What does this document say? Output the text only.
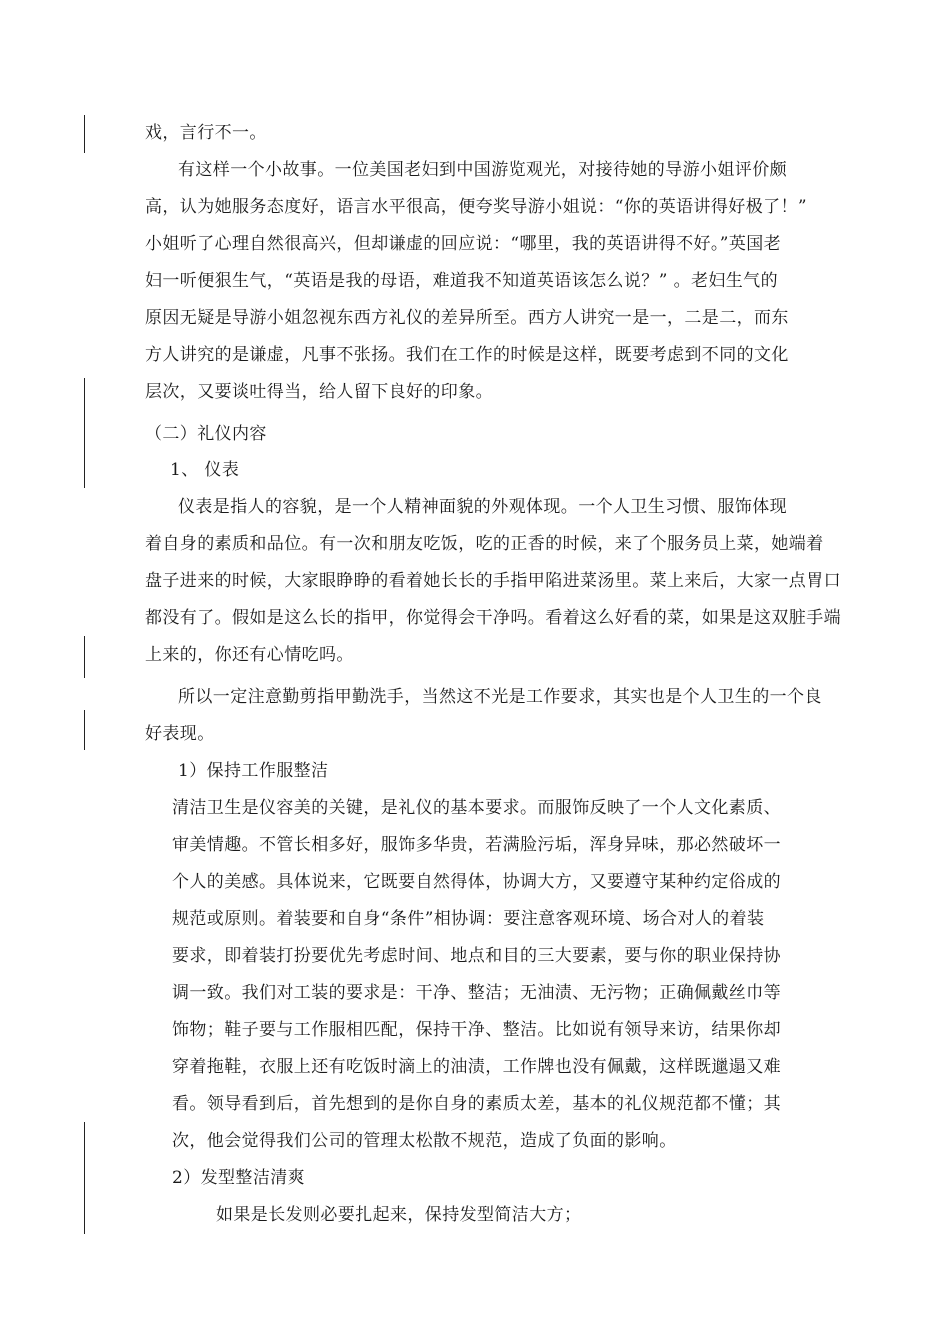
戏，言行不一。
有这样一个小故事。一位美国老妇到中国游览观光，对接待她的导游小姐评价颇
高，认为她服务态度好，语言水平很高，便夸奖导游小姐说：“你的英语讲得好极了！”
小姐听了心理自然很高兴，但却谦虚的回应说：“哪里，我的英语讲得不好。”英国老
妇一听便狠生气，“英语是我的母语，难道我不知道英语该怎么说？” 。老妇生气的
原因无疑是导游小姐忽视东西方礼仪的差异所至。西方人讲究一是一，二是二，而东
方人讲究的是谦虚，凡事不张扬。我们在工作的时候是这样，既要考虑到不同的文化
层次，又要谈吐得当，给人留下良好的印象。
（二）礼仪内容
1、 仪表
仪表是指人的容貌，是一个人精神面貌的外观体现。一个人卫生习惯、服饰体现
着自身的素质和品位。有一次和朋友吃饭，吃的正香的时候，来了个服务员上菜，她端着
盘子进来的时候，大家眼睁睁的看着她长长的手指甲陷进菜汤里。菜上来后，大家一点胃口
都没有了。假如是这么长的指甲，你觉得会干净吗。看着这么好看的菜，如果是这双脏手端
上来的，你还有心情吃吗。
所以一定注意勤剪指甲勤洗手，当然这不光是工作要求，其实也是个人卫生的一个良
好表现。
1）保持工作服整洁
清洁卫生是仪容美的关键，是礼仪的基本要求。而服饰反映了一个人文化素质、
审美情趣。不管长相多好，服饰多华贵，若满脸污垢，浑身异味，那必然破坏一
个人的美感。具体说来，它既要自然得体，协调大方，又要遵守某种约定俗成的
规范或原则。着装要和自身“条件”相协调：要注意客观环境、场合对人的着装
要求，即着装打扮要优先考虑时间、地点和目的三大要素，要与你的职业保持协
调一致。我们对工装的要求是：干净、整洁；无油渍、无污物；正确佩戴丝巾等
饰物；鞋子要与工作服相匹配，保持干净、整洁。比如说有领导来访，结果你却
穿着拖鞋，衣服上还有吃饭时滴上的油渍，工作牌也没有佩戴，这样既邋遢又难
看。领导看到后，首先想到的是你自身的素质太差，基本的礼仪规范都不懂；其
次，他会觉得我们公司的管理太松散不规范，造成了负面的影响。
2）发型整洁清爽
如果是长发则必要扎起来，保持发型简洁大方；
